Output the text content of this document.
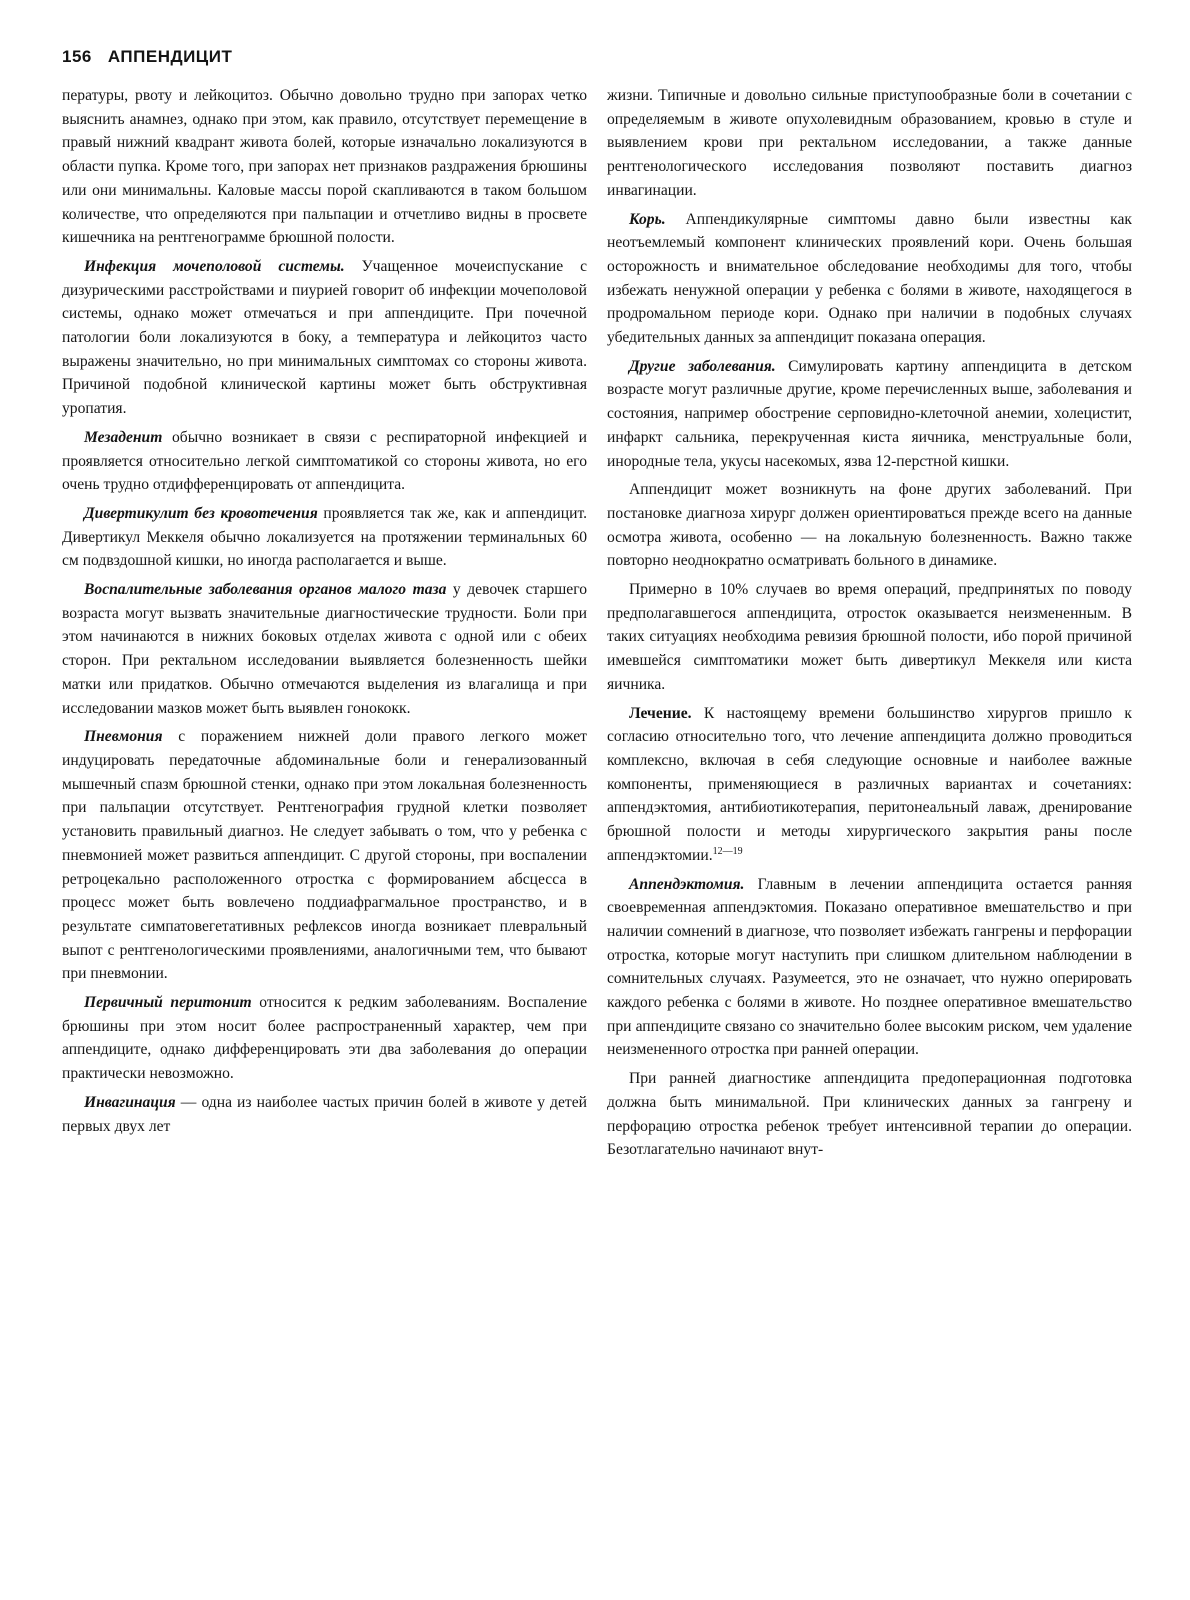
156 АППЕНДИЦИТ

пературы, рвоту и лейкоцитоз. Обычно довольно трудно при запорах четко выяснить анамнез, однако при этом, как правило, отсутствует перемещение в правый нижний квадрант живота болей, которые изначально локализуются в области пупка. Кроме того, при запорах нет признаков раздражения брюшины или они минимальны. Каловые массы порой скапливаются в таком большом количестве, что определяются при пальпации и отчетливо видны в просвете кишечника на рентгенограмме брюшной полости.

Инфекция мочеполовой системы. Учащенное мочеиспускание с дизурическими расстройствами и пиурией говорит об инфекции мочеполовой системы, однако может отмечаться и при аппендиците. При почечной патологии боли локализуются в боку, а температура и лейкоцитоз часто выражены значительно, но при минимальных симптомах со стороны живота. Причиной подобной клинической картины может быть обструктивная уропатия.

Мезаденит обычно возникает в связи с респираторной инфекцией и проявляется относительно легкой симптоматикой со стороны живота, но его очень трудно отдифференцировать от аппендицита.

Дивертикулит без кровотечения проявляется так же, как и аппендицит. Дивертикул Меккеля обычно локализуется на протяжении терминальных 60 см подвздошной кишки, но иногда располагается и выше.

Воспалительные заболевания органов малого таза у девочек старшего возраста могут вызвать значительные диагностические трудности. Боли при этом начинаются в нижних боковых отделах живота с одной или с обеих сторон. При ректальном исследовании выявляется болезненность шейки матки или придатков. Обычно отмечаются выделения из влагалища и при исследовании мазков может быть выявлен гонококк.

Пневмония с поражением нижней доли правого легкого может индуцировать передаточные абдоминальные боли и генерализованный мышечный спазм брюшной стенки, однако при этом локальная болезненность при пальпации отсутствует. Рентгенография грудной клетки позволяет установить правильный диагноз. Не следует забывать о том, что у ребенка с пневмонией может развиться аппендицит. С другой стороны, при воспалении ретроцекально расположенного отростка с формированием абсцесса в процесс может быть вовлечено поддиафрагмальное пространство, и в результате симпатовегетативных рефлексов иногда возникает плевральный выпот с рентгенологическими проявлениями, аналогичными тем, что бывают при пневмонии.

Первичный перитонит относится к редким заболеваниям. Воспаление брюшины при этом носит более распространенный характер, чем при аппендиците, однако дифференцировать эти два заболевания до операции практически невозможно.

Инвагинация — одна из наиболее частых причин болей в животе у детей первых двух лет

жизни. Типичные и довольно сильные приступообразные боли в сочетании с определяемым в животе опухолевидным образованием, кровью в стуле и выявлением крови при ректальном исследовании, а также данные рентгенологического исследования позволяют поставить диагноз инвагинации.

Корь. Аппендикулярные симптомы давно были известны как неотъемлемый компонент клинических проявлений кори. Очень большая осторожность и внимательное обследование необходимы для того, чтобы избежать ненужной операции у ребенка с болями в животе, находящегося в продромальном периоде кори. Однако при наличии в подобных случаях убедительных данных за аппендицит показана операция.

Другие заболевания. Симулировать картину аппендицита в детском возрасте могут различные другие, кроме перечисленных выше, заболевания и состояния, например обострение серповидно-клеточной анемии, холецистит, инфаркт сальника, перекрученная киста яичника, менструальные боли, инородные тела, укусы насекомых, язва 12-перстной кишки.

Аппендицит может возникнуть на фоне других заболеваний. При постановке диагноза хирург должен ориентироваться прежде всего на данные осмотра живота, особенно — на локальную болезненность. Важно также повторно неоднократно осматривать больного в динамике.

Примерно в 10% случаев во время операций, предпринятых по поводу предполагавшегося аппендицита, отросток оказывается неизмененным. В таких ситуациях необходима ревизия брюшной полости, ибо порой причиной имевшейся симптоматики может быть дивертикул Меккеля или киста яичника.

Лечение. К настоящему времени большинство хирургов пришло к согласию относительно того, что лечение аппендицита должно проводиться комплексно, включая в себя следующие основные и наиболее важные компоненты, применяющиеся в различных вариантах и сочетаниях: аппендэктомия, антибиотикотерапия, перитонеальный лаваж, дренирование брюшной полости и методы хирургического закрытия раны после аппендэктомии.$^{12—19}$

Аппендэктомия. Главным в лечении аппендицита остается ранняя своевременная аппендэктомия. Показано оперативное вмешательство и при наличии сомнений в диагнозе, что позволяет избежать гангрены и перфорации отростка, которые могут наступить при слишком длительном наблюдении в сомнительных случаях. Разумеется, это не означает, что нужно оперировать каждого ребенка с болями в животе. Но позднее оперативное вмешательство при аппендиците связано со значительно более высоким риском, чем удаление неизмененного отростка при ранней операции.

При ранней диагностике аппендицита предоперационная подготовка должна быть минимальной. При клинических данных за гангрену и перфорацию отростка ребенок требует интенсивной терапии до операции. Безотлагательно начинают внут-
